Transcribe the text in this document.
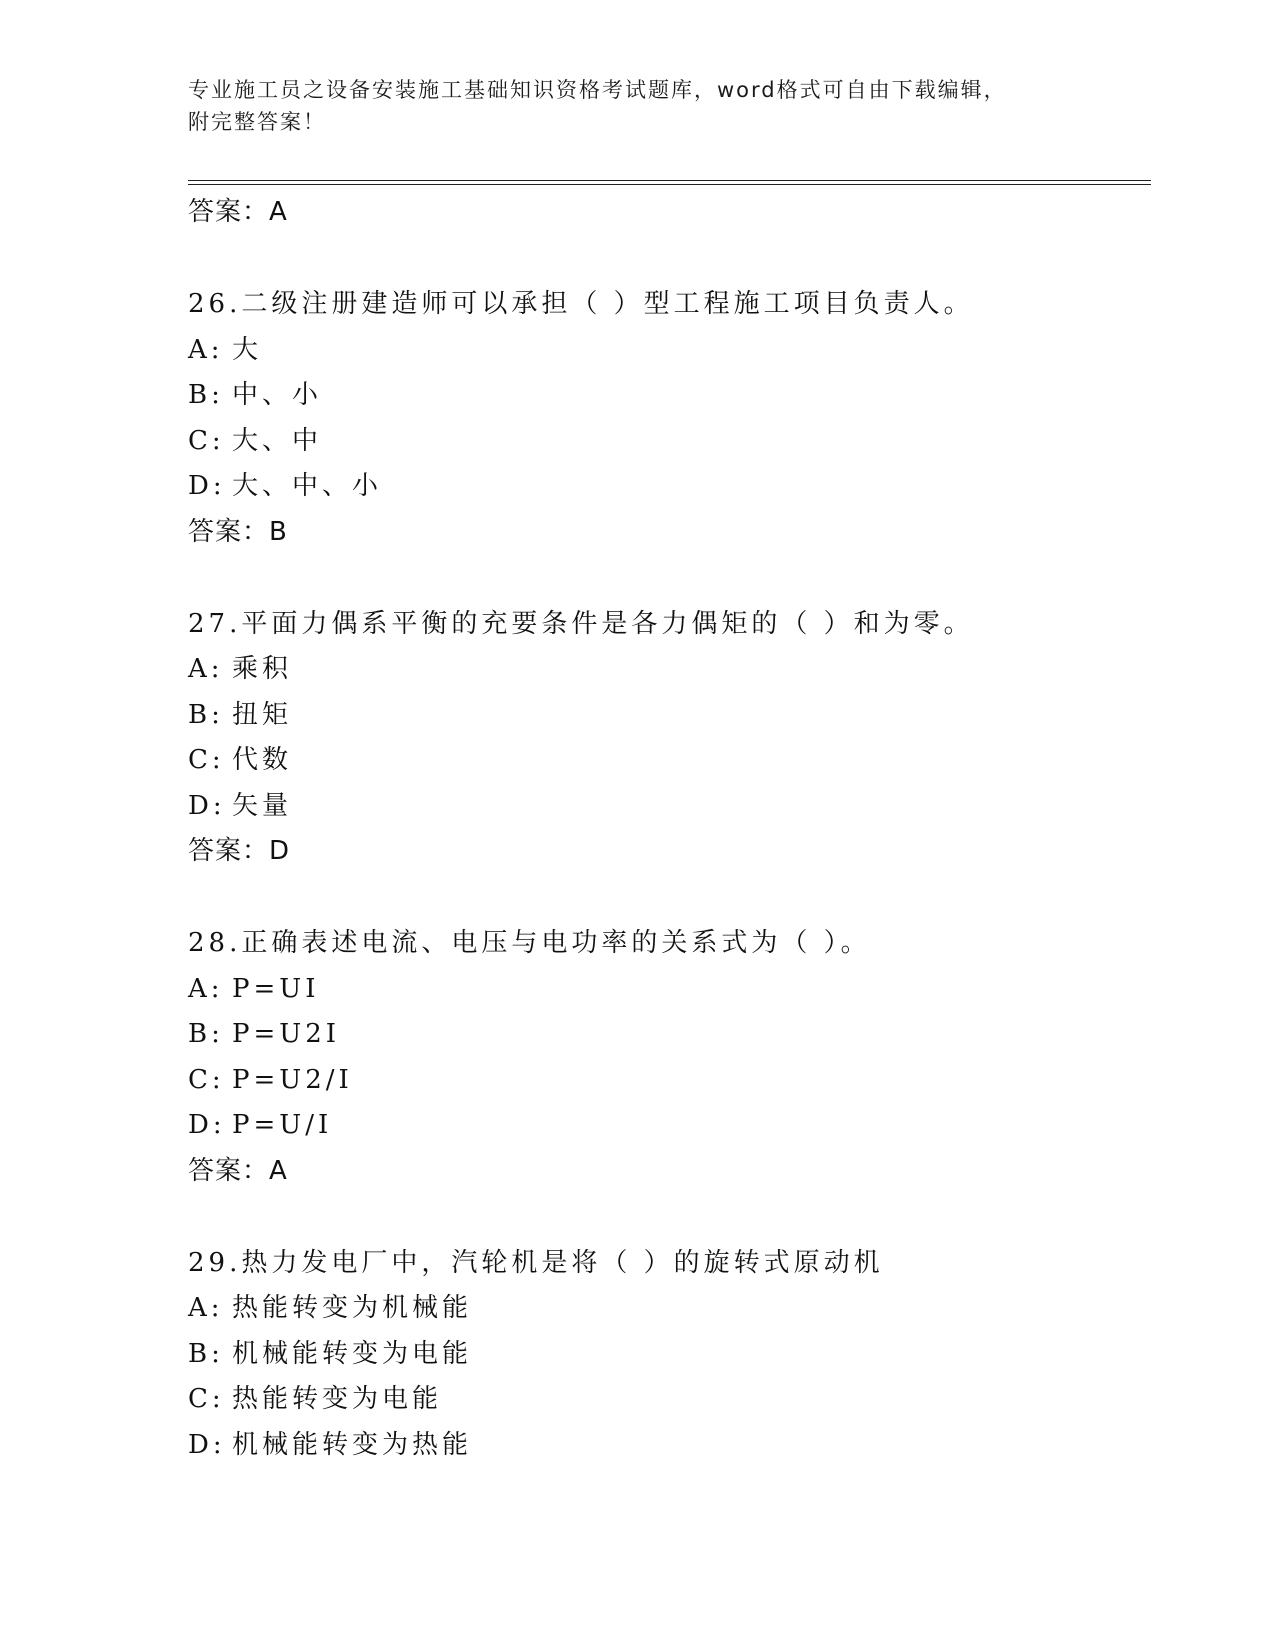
专业施工员之设备安装施工基础知识资格考试题库，word格式可自由下载编辑，
附完整答案！
答案：A
26.二级注册建造师可以承担（ ）型工程施工项目负责人。
A: 大
B: 中、小
C: 大、中
D: 大、中、小
答案：B
27.平面力偶系平衡的充要条件是各力偶矩的（ ）和为零。
A: 乘积
B: 扭矩
C: 代数
D: 矢量
答案：D
28.正确表述电流、电压与电功率的关系式为（ ）。
A: P=UI
B: P=U2I
C: P=U2/I
D: P=U/I
答案：A
29.热力发电厂中，汽轮机是将（ ）的旋转式原动机
A: 热能转变为机械能
B: 机械能转变为电能
C: 热能转变为电能
D: 机械能转变为热能
